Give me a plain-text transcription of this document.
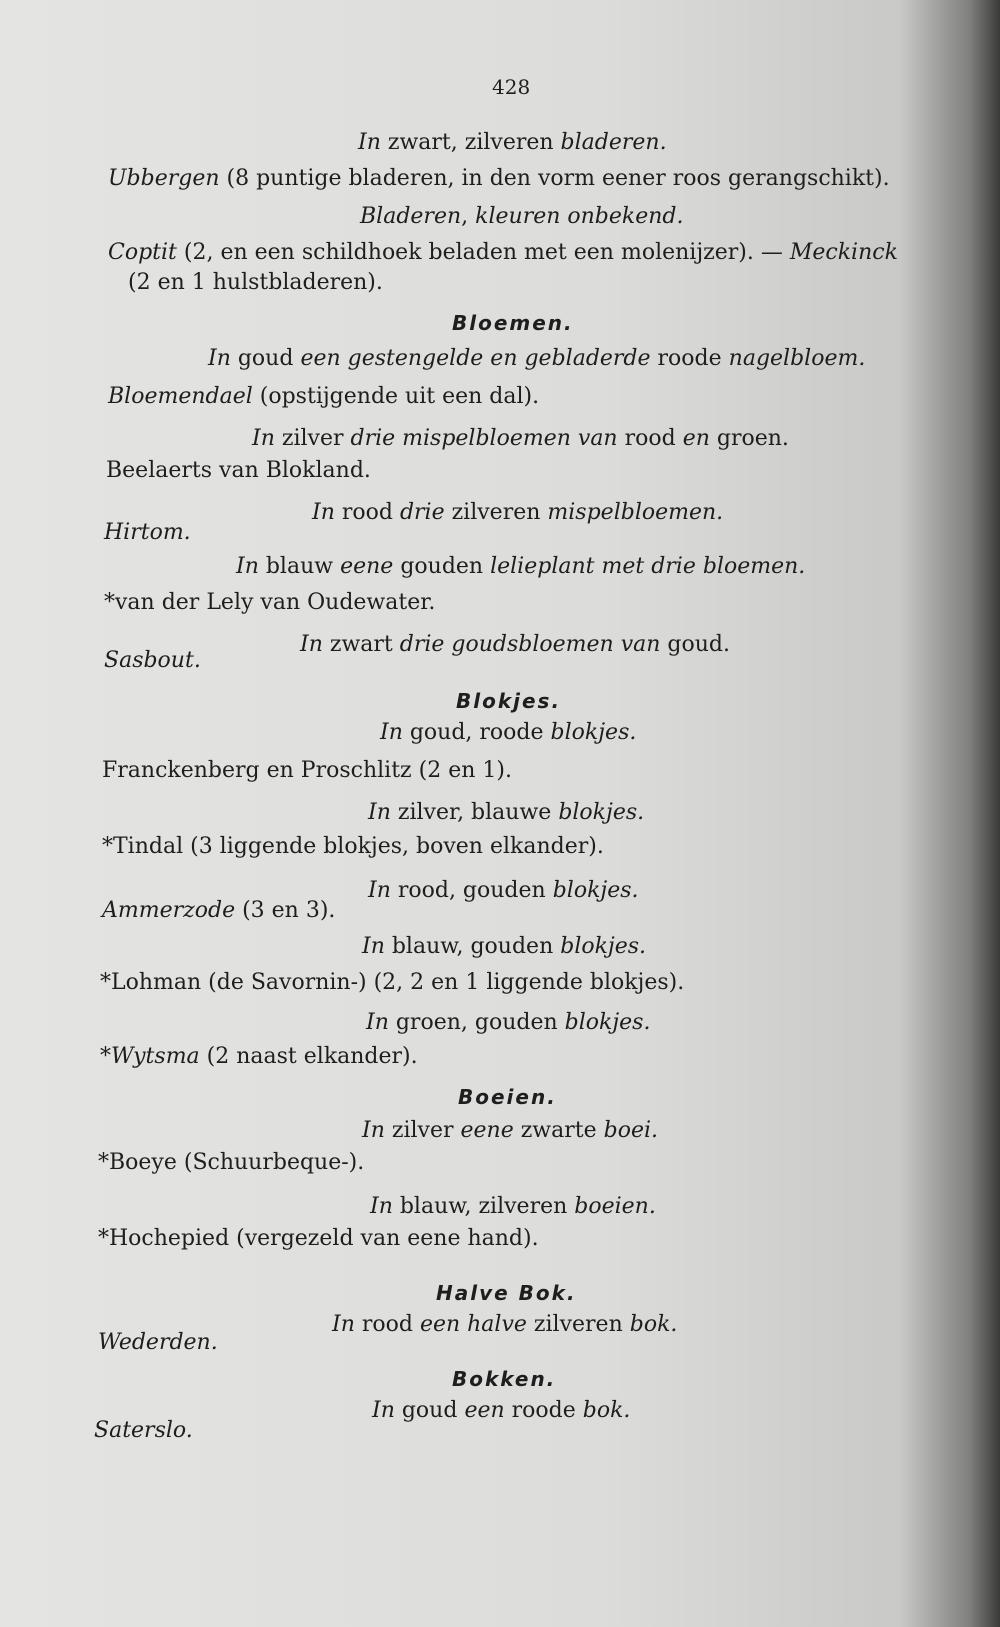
428
In zwart, zilveren bladeren.
Ubbergen (8 puntige bladeren, in den vorm eener roos gerangschikt).
Bladeren, kleuren onbekend.
Coptit (2, en een schildhoek beladen met een molenijzer). — Meckinck
(2 en 1 hulstbladeren).
Bloemen.
In goud een gestengelde en gebladerde roode nagelbloem.
Bloemendael (opstijgende uit een dal).
In zilver drie mispelbloemen van rood en groen.
Beelaerts van Blokland.
In rood drie zilveren mispelbloemen.
Hirtom.
In blauw eene gouden lelieplant met drie bloemen.
*van der Lely van Oudewater.
In zwart drie goudsbloemen van goud.
Sasbout.
Blokjes.
In goud, roode blokjes.
Franckenberg en Proschlitz (2 en 1).
In zilver, blauwe blokjes.
*Tindal (3 liggende blokjes, boven elkander).
In rood, gouden blokjes.
Ammerzode (3 en 3).
In blauw, gouden blokjes.
*Lohman (de Savornin-) (2, 2 en 1 liggende blokjes).
In groen, gouden blokjes.
*Wytsma (2 naast elkander).
Boeien.
In zilver eene zwarte boei.
*Boeye (Schuurbeque-).
In blauw, zilveren boeien.
*Hochepied (vergezeld van eene hand).
Halve Bok.
In rood een halve zilveren bok.
Wederden.
Bokken.
In goud een roode bok.
Saterslo.
